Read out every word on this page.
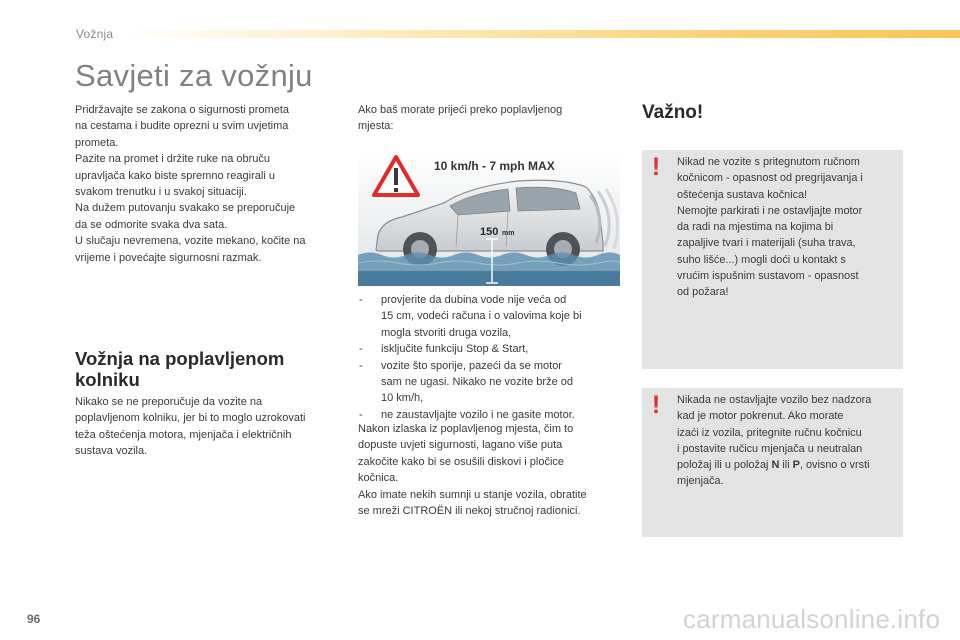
Vožnja
Savjeti za vožnju

Pridržavajte se zakona o sigurnosti prometa
na cestama i budite oprezni u svim uvjetima
prometa.
Pazite na promet i držite ruke na obruču
upravljača kako biste spremno reagirali u
svakom trenutku i u svakoj situaciji.
Na dužem putovanju svakako se preporučuje
da se odmorite svaka dva sata.
U slučaju nevremena, vozite mekano, kočite na
vrijeme i povećajte sigurnosni razmak.

Vožnja na poplavljenom
kolniku

Nikako se ne preporučuje da vozite na
poplavljenom kolniku, jer bi to moglo uzrokovati
teža oštećenja motora, mjenjača i električnih
sustava vozila.

Ako baš morate prijeći preko poplavljenog
mjesta:

10 km/h - 7 mph MAX
150 mm
- provjerite da dubina vode nije veća od
15 cm, vodeći računa i o valovima koje bi
mogla stvoriti druga vozila,
- isključite funkciju Stop & Start,
- vozite što sporije, pazeći da se motor
sam ne ugasi. Nikako ne vozite brže od
10 km/h,
- ne zaustavljajte vozilo i ne gasite motor.

Nakon izlaska iz poplavljenog mjesta, čim to
dopuste uvjeti sigurnosti, lagano više puta
zakočite kako bi se osušili diskovi i pločice
kočnica.
Ako imate nekih sumnji u stanje vozila, obratite
se mreži CITROËN ili nekoj stručnoj radionici.

Važno!
!	Nikad ne vozite s pritegnutom ručnom
kočnicom - opasnost od pregrijavanja i
oštećenja sustava kočnica!
Nemojte parkirati i ne ostavljajte motor
da radi na mjestima na kojima bi
zapaljive tvari i materijali (suha trava,
suho lišće...) mogli doći u kontakt s
vrućim ispušnim sustavom - opasnost
od požara!
!	Nikada ne ostavljajte vozilo bez nadzora
kad je motor pokrenut. Ako morate
izaći iz vozila, pritegnite ručnu kočnicu
i postavite ručicu mjenjača u neutralan
položaj ili u položaj N ili P, ovisno o vrsti
mjenjača.
96	carmanualsonline.info
